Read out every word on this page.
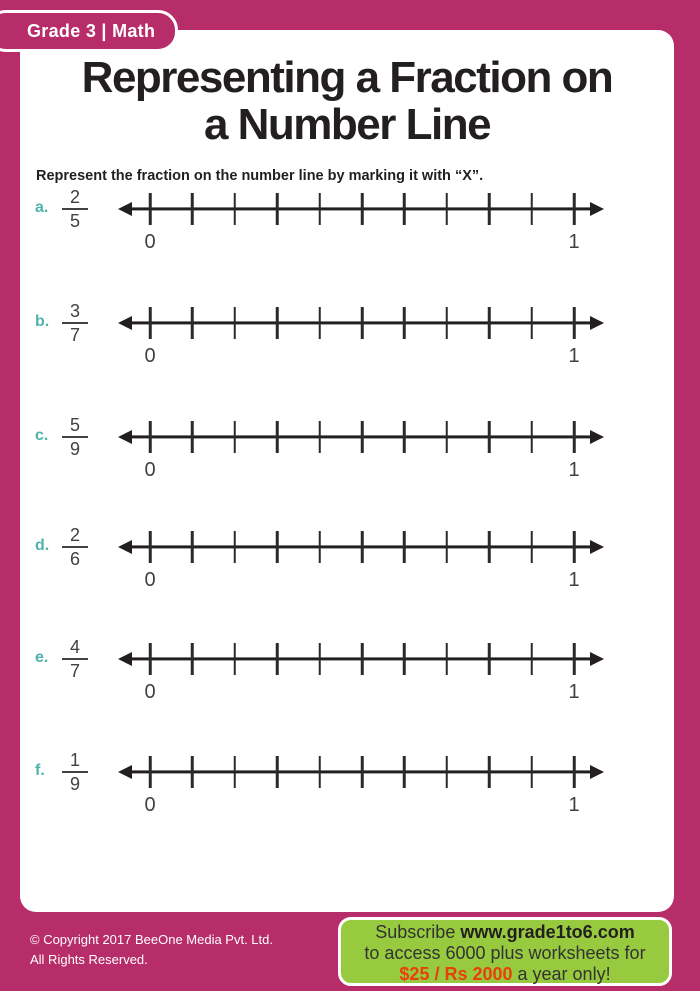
Grade 3 | Math
Representing a Fraction on
a Number Line
Represent the fraction on the number line by marking it with “X”.
a. $\frac{2}{5}$
0	1
b. $\frac{3}{7}$
0	1
c. $\frac{5}{9}$
0	1
d. $\frac{2}{6}$
0	1
e. $\frac{4}{7}$
0	1
f. $\frac{1}{9}$
0	1
© Copyright 2017 BeeOne Media Pvt. Ltd.
All Rights Reserved.
Subscribe www.grade1to6.com
to access 6000 plus worksheets for
$25 / Rs 2000 a year only!
